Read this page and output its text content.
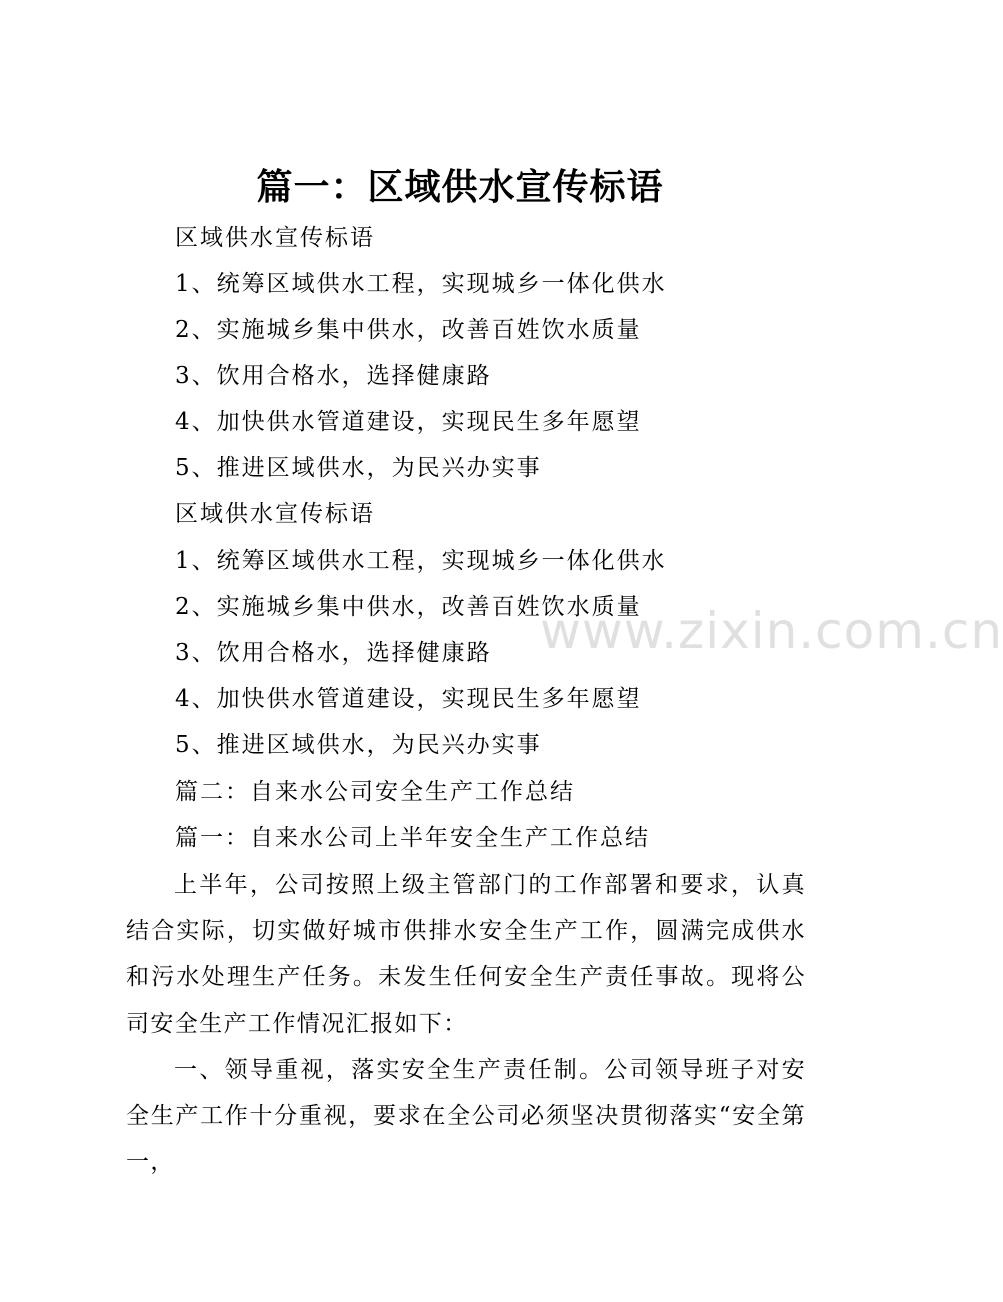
篇一：区域供水宣传标语
区域供水宣传标语
1、统筹区域供水工程，实现城乡一体化供水
2、实施城乡集中供水，改善百姓饮水质量
3、饮用合格水，选择健康路
4、加快供水管道建设，实现民生多年愿望
5、推进区域供水，为民兴办实事
区域供水宣传标语
1、统筹区域供水工程，实现城乡一体化供水
2、实施城乡集中供水，改善百姓饮水质量
3、饮用合格水，选择健康路
4、加快供水管道建设，实现民生多年愿望
5、推进区域供水，为民兴办实事
篇二：自来水公司安全生产工作总结
篇一：自来水公司上半年安全生产工作总结
上半年，公司按照上级主管部门的工作部署和要求，认真结合实际，切实做好城市供排水安全生产工作，圆满完成供水和污水处理生产任务。未发生任何安全生产责任事故。现将公司安全生产工作情况汇报如下：
一、领导重视，落实安全生产责任制。公司领导班子对安全生产工作十分重视，要求在全公司必须坚决贯彻落实“安全第一，
www.zixin.com.cn
